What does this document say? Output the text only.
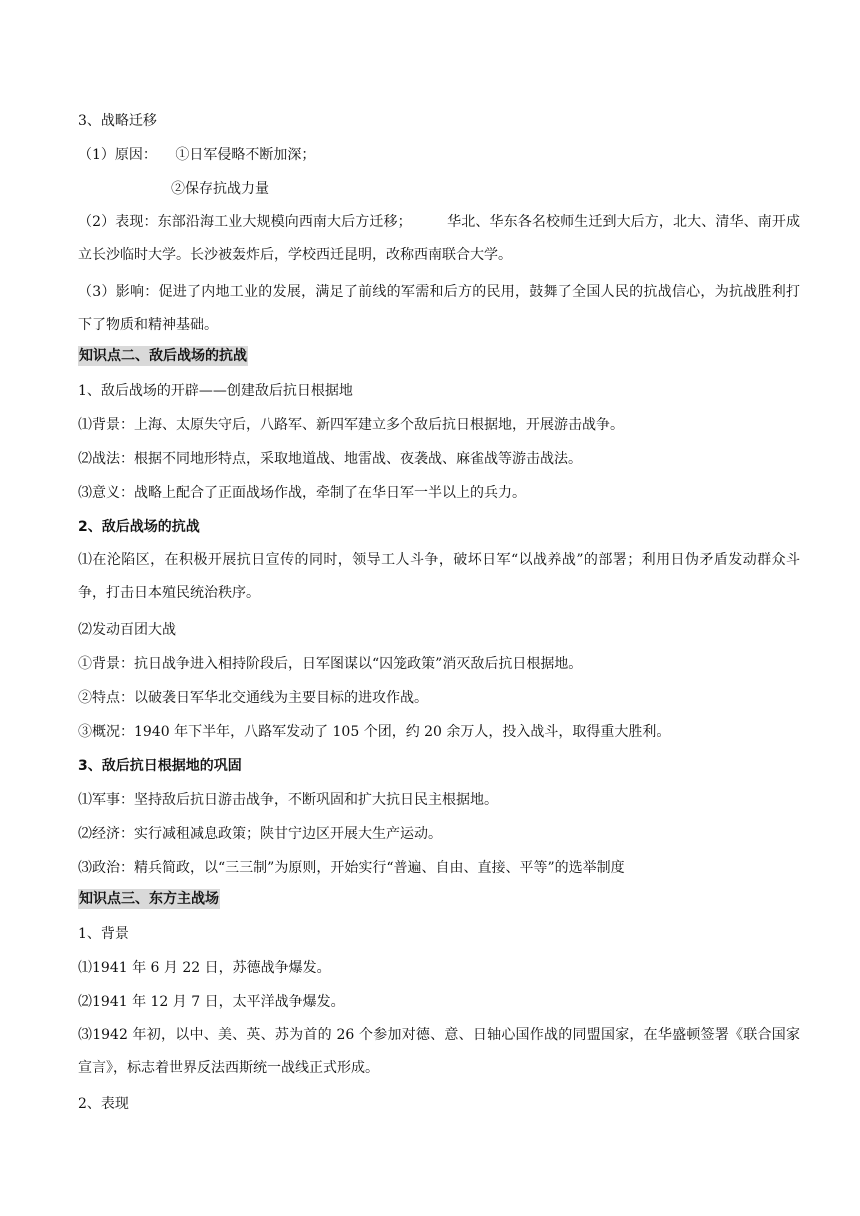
3、战略迁移
（1）原因： ①日军侵略不断加深；
②保存抗战力量
（2）表现：东部沿海工业大规模向西南大后方迁移；　　　华北、华东各名校师生迁到大后方，北大、清华、南开成立长沙临时大学。长沙被轰炸后，学校西迁昆明，改称西南联合大学。
（3）影响：促进了内地工业的发展，满足了前线的军需和后方的民用，鼓舞了全国人民的抗战信心，为抗战胜利打下了物质和精神基础。
知识点二、敌后战场的抗战
1、敌后战场的开辟——创建敌后抗日根据地
⑴背景：上海、太原失守后，八路军、新四军建立多个敌后抗日根据地，开展游击战争。
⑵战法：根据不同地形特点，采取地道战、地雷战、夜袭战、麻雀战等游击战法。
⑶意义：战略上配合了正面战场作战，牵制了在华日军一半以上的兵力。
2、敌后战场的抗战
⑴在沦陷区，在积极开展抗日宣传的同时，领导工人斗争，破坏日军“以战养战”的部署；利用日伪矛盾发动群众斗争，打击日本殖民统治秩序。
⑵发动百团大战
①背景：抗日战争进入相持阶段后，日军图谋以“囚笼政策”消灭敌后抗日根据地。
②特点：以破袭日军华北交通线为主要目标的进攻作战。
③概况：1940 年下半年，八路军发动了 105 个团，约 20 余万人，投入战斗，取得重大胜利。
3、敌后抗日根据地的巩固
⑴军事：坚持敌后抗日游击战争，不断巩固和扩大抗日民主根据地。
⑵经济：实行减租减息政策；陕甘宁边区开展大生产运动。
⑶政治：精兵简政，以“三三制”为原则，开始实行“普遍、自由、直接、平等”的选举制度
知识点三、东方主战场
1、背景
⑴1941 年 6 月 22 日，苏德战争爆发。
⑵1941 年 12 月 7 日，太平洋战争爆发。
⑶1942 年初，以中、美、英、苏为首的 26 个参加对德、意、日轴心国作战的同盟国家，在华盛顿签署《联合国家 宣言》，标志着世界反法西斯统一战线正式形成。
2、表现
